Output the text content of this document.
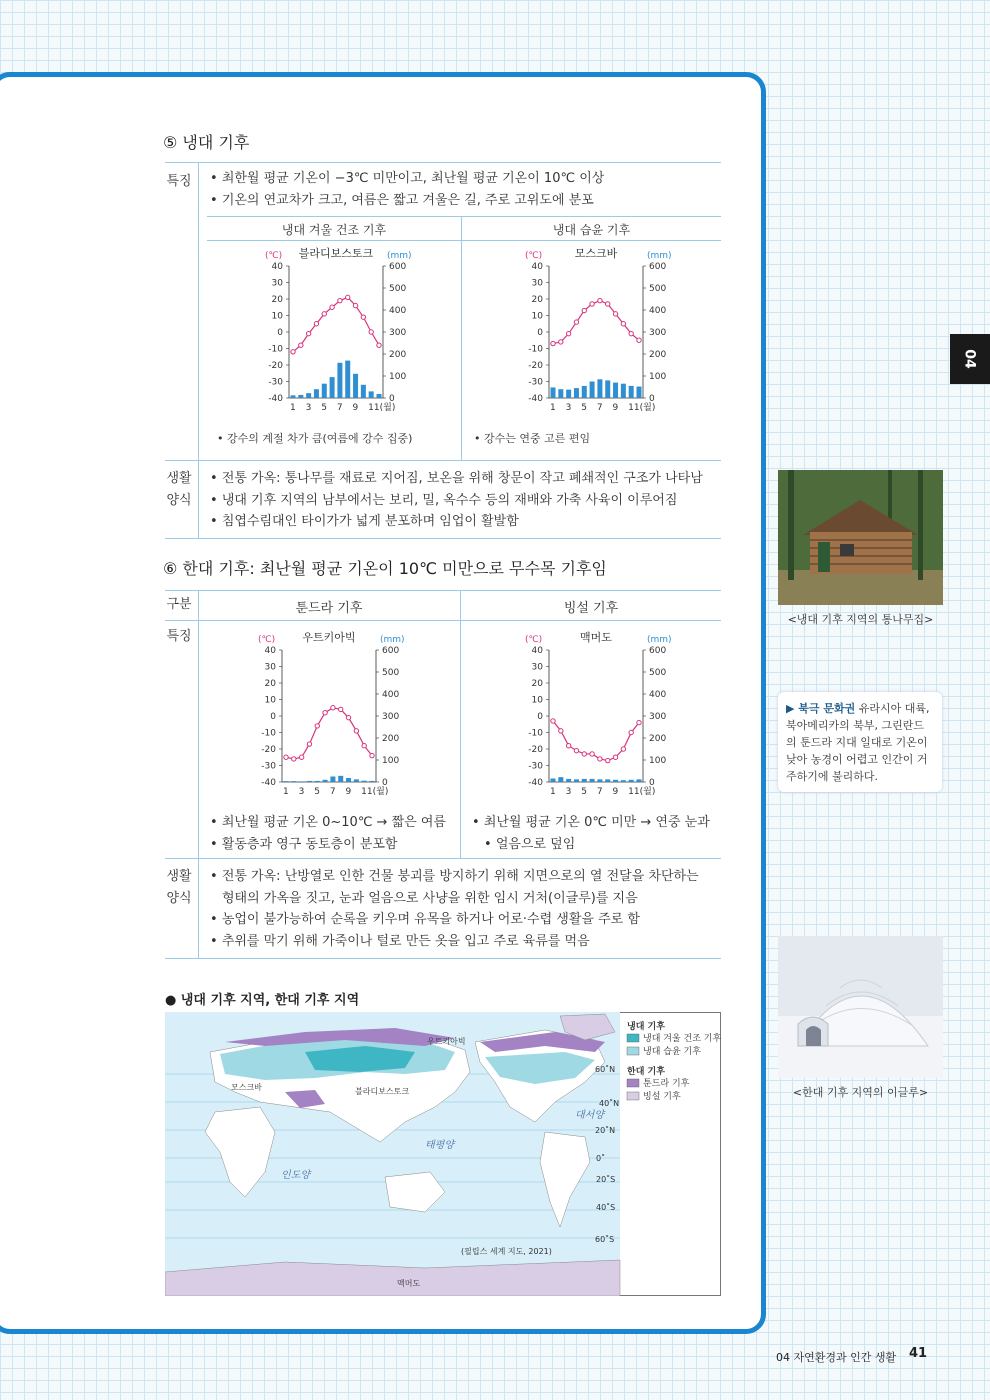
04
⑤ 냉대 기후
특징	• 최한월 평균 기온이 −3℃ 미만이고, 최난월 평균 기온이 10℃ 이상
• 기온의 연교차가 크고, 여름은 짧고 겨울은 길, 주로 고위도에 분포
냉대 겨울 건조 기후	냉대 습윤 기후
블라디보스토크
(℃)	(mm)
40
30
20
10
0
-10
-20
-30
-40
600
500
400
300
200
100
0
1 3 5 7 9 11(월)
모스크바
(℃)	(mm)
40
30
20
10
0
-10
-20
-30
-40
600
500
400
300
200
100
0
1 3 5 7 9 11(월)
• 강수의 계절 차가 큼(여름에 강수 집중)	• 강수는 연중 고른 편임
생활
양식
• 전통 가옥: 통나무를 재료로 지어짐, 보온을 위해 창문이 작고 폐쇄적인 구조가 나타남
• 냉대 기후 지역의 남부에서는 보리, 밀, 옥수수 등의 재배와 가축 사육이 이루어짐
• 침엽수림대인 타이가가 넓게 분포하며 임업이 활발함
⑥ 한대 기후: 최난월 평균 기온이 10℃ 미만으로 무수목 기후임
구분	툰드라 기후	빙설 기후
특징	우트키아빅
(℃)	(mm)
40
30
20
10
0
-10
-20
-30
-40
600
500
400
300
200
100
0
1 3 5 7 9 11(월)
맥머도
(℃)	(mm)
40
30
20
10
0
-10
-20
-30
-40
600
500
400
300
200
100
0
1 3 5 7 9 11(월)
• 최난월 평균 기온 0~10℃ → 짧은 여름
• 활동층과 영구 동토층이 분포함
• 최난월 평균 기온 0℃ 미만 → 연중 눈과
• 얼음으로 덮임
생활
양식
• 전통 가옥: 난방열로 인한 건물 붕괴를 방지하기 위해 지면으로의 열 전달을 차단하는
형태의 가옥을 짓고, 눈과 얼음으로 사냥을 위한 임시 거처(이글루)를 지음
• 농업이 불가능하여 순록을 키우며 유목을 하거나 어로·수렵 생활을 주로 함
• 추위를 막기 위해 가죽이나 털로 만든 옷을 입고 주로 육류를 먹음
● 냉대 기후 지역, 한대 기후 지역
우트키아빅
모스크바	블라디보스토크
맥머도
태평양
대서양
인도양
60˚N
40˚N
20˚N
0˚
20˚S
40˚S
60˚S
(필립스 세계 지도, 2021)
냉대 기후
냉대 겨울 건조 기후
냉대 습윤 기후
한대 기후
툰드라 기후
빙설 기후
<냉대 기후 지역의 통나무집>
▶ 북극 문화권 유라시아 대륙, 북아메리카의 북부, 그린란드의 툰드라 지대 일대로 기온이 낮아 농경이 어렵고 인간이 거주하기에 불리하다.
<한대 기후 지역의 이글루>
04 자연환경과 인간 생활 41
